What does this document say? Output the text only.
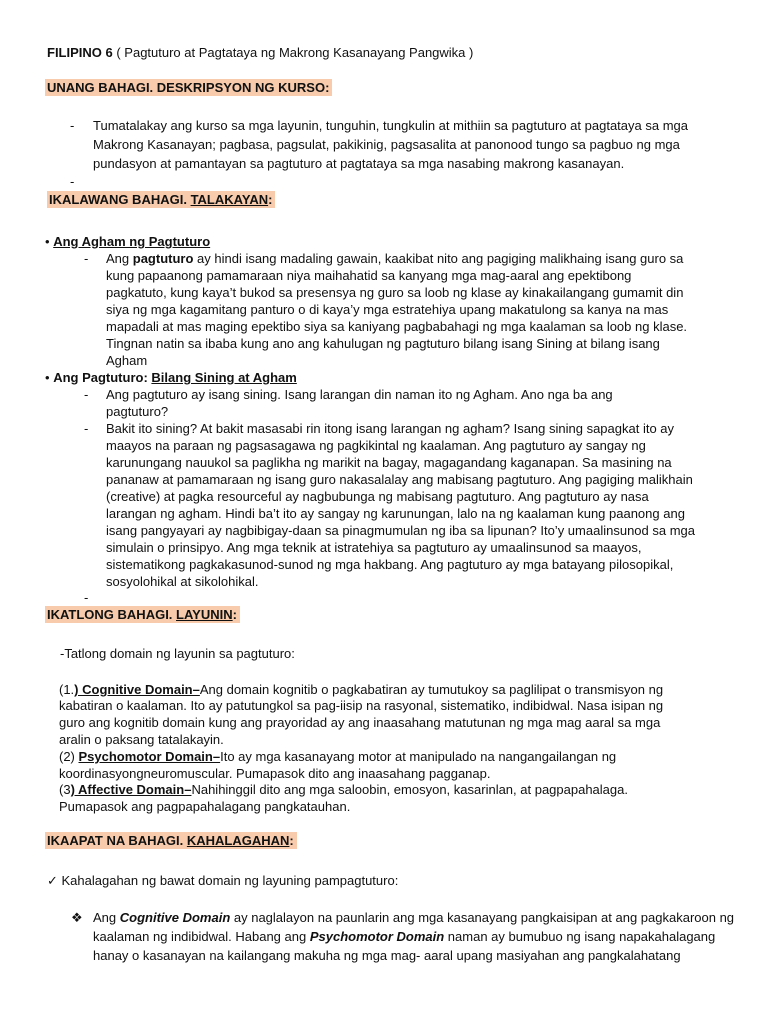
FILIPINO 6 ( Pagtuturo at Pagtataya ng Makrong Kasanayang Pangwika )
UNANG BAHAGI. DESKRIPSYON NG KURSO:
- Tumatalakay ang kurso sa mga layunin, tunguhin, tungkulin at mithiin sa pagtuturo at pagtataya sa mga
Makrong Kasanayan; pagbasa, pagsulat, pakikinig, pagsasalita at panonood tungo sa pagbuo ng mga
pundasyon at pamantayan sa pagtuturo at pagtataya sa mga nasabing makrong kasanayan.
-
IKALAWANG BAHAGI. TALAKAYAN:
• Ang Agham ng Pagtuturo
- Ang pagtuturo ay hindi isang madaling gawain, kaakibat nito ang pagiging malikhaing isang guro sa
kung papaanong pamamaraan niya maihahatid sa kanyang mga mag-aaral ang epektibong
pagkatuto, kung kaya’t bukod sa presensya ng guro sa loob ng klase ay kinakailangang gumamit din
siya ng mga kagamitang panturo o di kaya’y mga estratehiya upang makatulong sa kanya na mas
mapadali at mas maging epektibo siya sa kaniyang pagbabahagi ng mga kaalaman sa loob ng klase.
Tingnan natin sa ibaba kung ano ang kahulugan ng pagtuturo bilang isang Sining at bilang isang
Agham
• Ang Pagtuturo: Bilang Sining at Agham
- Ang pagtuturo ay isang sining. Isang larangan din naman ito ng Agham. Ano nga ba ang
pagtuturo?
- Bakit ito sining? At bakit masasabi rin itong isang larangan ng agham? Isang sining sapagkat ito ay
maayos na paraan ng pagsasagawa ng pagkikintal ng kaalaman. Ang pagtuturo ay sangay ng
karunungang nauukol sa paglikha ng marikit na bagay, magagandang kaganapan. Sa masining na
pananaw at pamamaraan ng isang guro nakasalalay ang mabisang pagtuturo. Ang pagiging malikhain
(creative) at pagka resourceful ay nagbubunga ng mabisang pagtuturo. Ang pagtuturo ay nasa
larangan ng agham. Hindi ba’t ito ay sangay ng karunungan, lalo na ng kaalaman kung paanong ang
isang pangyayari ay nagbibigay-daan sa pinagmumulan ng iba sa lipunan? Ito’y umaalinsunod sa mga
simulain o prinsipyo. Ang mga teknik at istratehiya sa pagtuturo ay umaalinsunod sa maayos,
sistematikong pagkakasunod-sunod ng mga hakbang. Ang pagtuturo ay mga batayang pilosopikal,
sosyolohikal at sikolohikal.
-
IKATLONG BAHAGI. LAYUNIN:
-Tatlong domain ng layunin sa pagtuturo:
(1.) Cognitive Domain–Ang domain kognitib o pagkabatiran ay tumutukoy sa paglilipat o transmisyon ng
kabatiran o kaalaman. Ito ay patutungkol sa pag-iisip na rasyonal, sistematiko, indibidwal. Nasa isipan ng
guro ang kognitib domain kung ang prayoridad ay ang inaasahang matutunan ng mga mag aaral sa mga
aralin o paksang tatalakayin.
(2) Psychomotor Domain–Ito ay mga kasanayang motor at manipulado na nangangailangan ng
koordinasyongneuromuscular. Pumapasok dito ang inaasahang pagganap.
(3) Affective Domain–Nahihinggil dito ang mga saloobin, emosyon, kasarinlan, at pagpapahalaga.
Pumapasok ang pagpapahalagang pangkatauhan.
IKAAPAT NA BAHAGI. KAHALAGAHAN:
✓ Kahalagahan ng bawat domain ng layuning pampagtuturo:
❖ Ang Cognitive Domain ay naglalayon na paunlarin ang mga kasanayang pangkaisipan at ang pagkakaroon ng
kaalaman ng indibidwal. Habang ang Psychomotor Domain naman ay bumubuo ng isang napakahalagang
hanay o kasanayan na kailangang makuha ng mga mag- aaral upang masiyahan ang pangkalahatang
